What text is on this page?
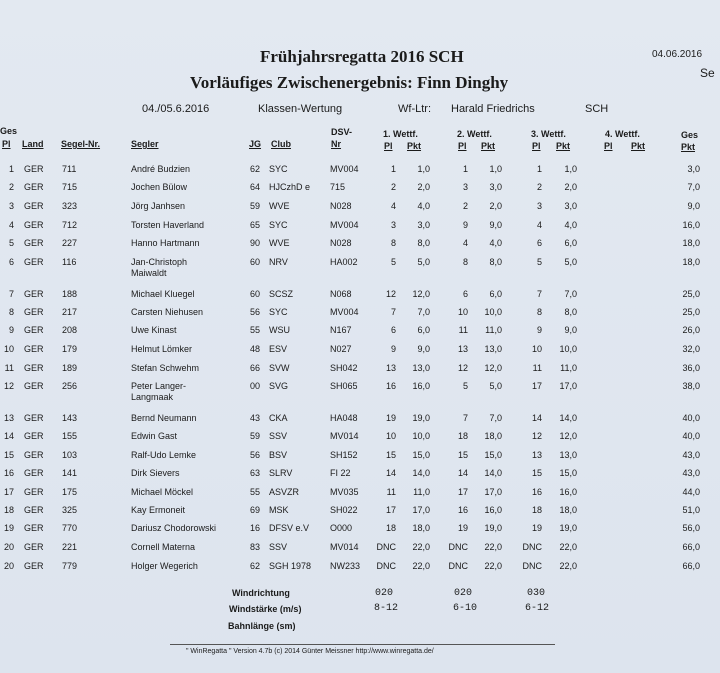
Frühjahrsregatta 2016 SCH
Vorläufiges Zwischenergebnis: Finn Dinghy
04.06.2016
Se
04./05.6.2016	Klassen-Wertung	Wf-Ltr: Harald Friedrichs	SCH
Ges
Pl Land Segel-Nr.	Segler	JG Club
DSV-
Nr
1. Wettf.
Pl Pkt
2. Wettf.
Pl Pkt
3. Wettf.
Pl Pkt
4. Wettf.
Pl Pkt
Ges
Pkt
1 GER	711	André Budzien	62 SYC	MV004	1	1,0	1	1,0	1	1,0	3,0
2 GER	715	Jochen Bülow	64 HJCzhD e	715	2	2,0	3	3,0	2	2,0	7,0
3 GER	323	Jörg Janhsen	59 WVE	N028	4	4,0	2	2,0	3	3,0	9,0
4 GER	712	Torsten Haverland	65 SYC	MV004	3	3,0	9	9,0	4	4,0	16,0
5 GER	227	Hanno Hartmann	90 WVE	N028	8	8,0	4	4,0	6	6,0	18,0
6 GER	116	Jan-Christoph	60 NRV	HA002	5	5,0	8	8,0	5	5,0	18,0
Maiwaldt
7 GER	188	Michael Kluegel	60 SCSZ	N068	12	12,0	6	6,0	7	7,0	25,0
8 GER	217	Carsten Niehusen	56 SYC	MV004	7	7,0	10	10,0	8	8,0	25,0
9 GER	208	Uwe Kinast	55 WSU	N167	6	6,0	11	11,0	9	9,0	26,0
10 GER	179	Helmut Lömker	48 ESV	N027	9	9,0	13	13,0	10	10,0	32,0
11 GER	189	Stefan Schwehm	66 SVW	SH042	13	13,0	12	12,0	11	11,0	36,0
12 GER	256	Peter Langer-	00 SVG	SH065	16	16,0	5	5,0	17	17,0	38,0
Langmaak
13 GER	143	Bernd Neumann	43 CKA	HA048	19	19,0	7	7,0	14	14,0	40,0
14 GER	155	Edwin Gast	59 SSV	MV014	10	10,0	18	18,0	12	12,0	40,0
15 GER	103	Ralf-Udo Lemke	56 BSV	SH152	15	15,0	15	15,0	13	13,0	43,0
16 GER	141	Dirk Sievers	63 SLRV	FI 22	14	14,0	14	14,0	15	15,0	43,0
17 GER	175	Michael Möckel	55 ASVZR	MV035	11	11,0	17	17,0	16	16,0	44,0
18 GER	325	Kay Ermoneit	69 MSK	SH022	17	17,0	16	16,0	18	18,0	51,0
19 GER	770	Dariusz Chodorowski	16 DFSV e.V	O000	18	18,0	19	19,0	19	19,0	56,0
20 GER	221	Cornell Materna	83 SSV	MV014	DNC	22,0 DNC	22,0 DNC	22,0	66,0
20 GER	779	Holger Wegerich	62 SGH 1978	NW233	DNC	22,0 DNC	22,0 DNC	22,0	66,0
Windrichtung	020	020	030
Windstärke (m/s)	8-12	6-10	6-12
Bahnlänge (sm)
" WinRegatta " Version 4.7b (c) 2014 Günter Meissner http://www.winregatta.de/
